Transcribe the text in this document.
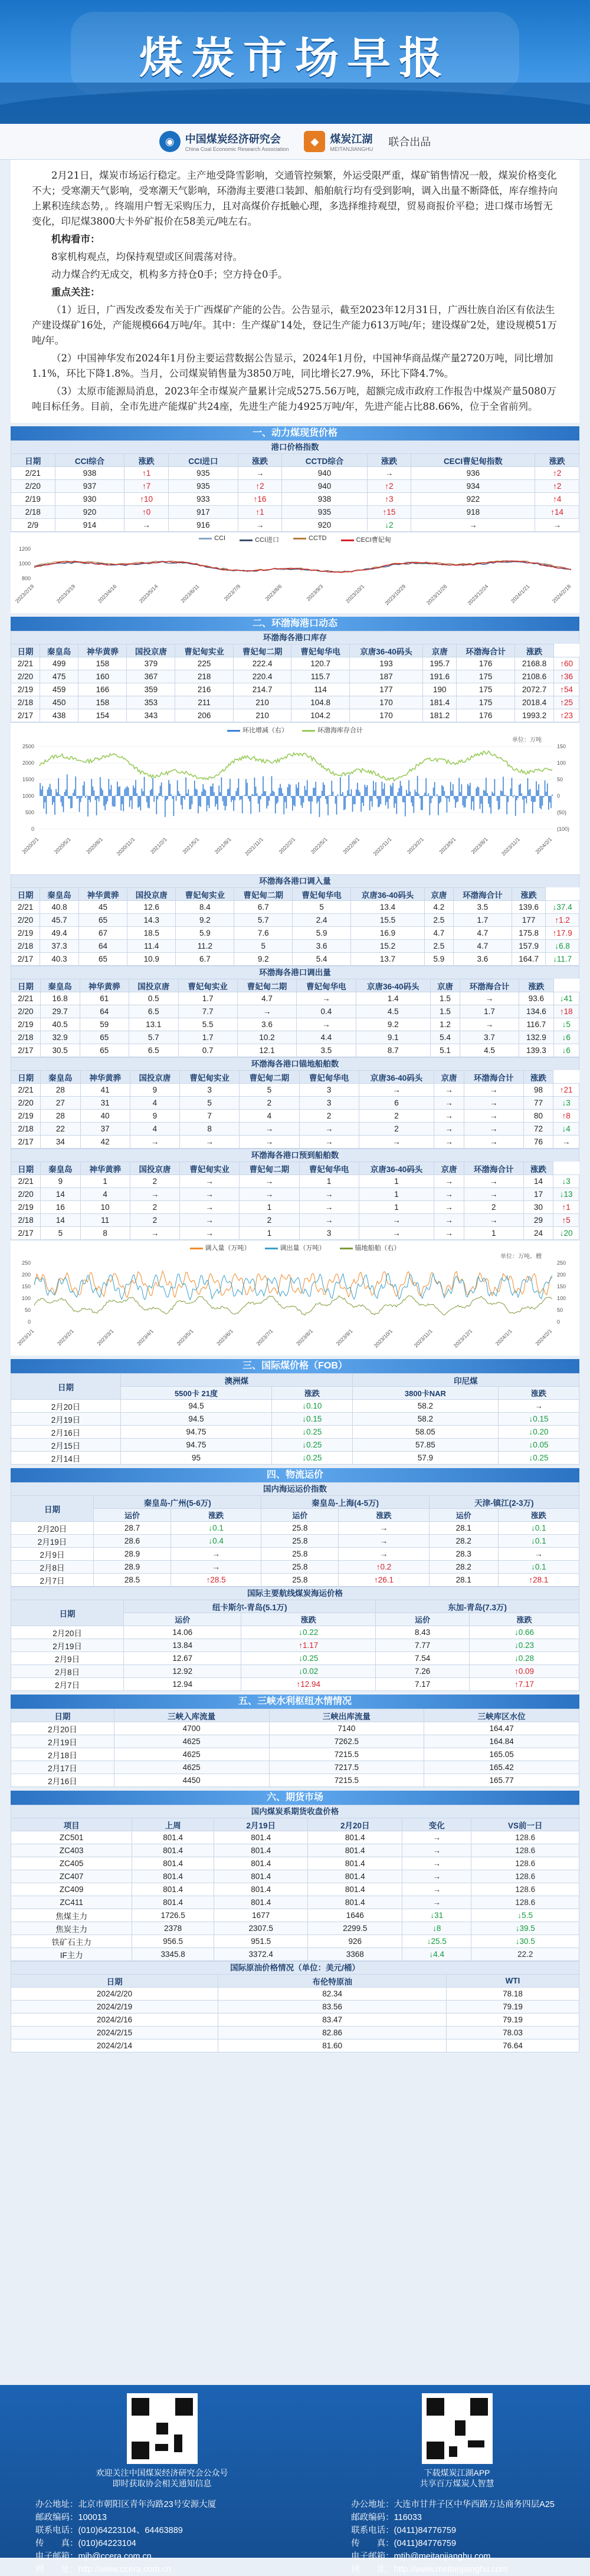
煤炭市场早报
◉	中国煤炭经济研究会
China Coal Economic Research Association
◆	煤炭江湖
MEITANJIANGHU
联合出品

2月21日，煤炭市场运行稳定。主产地受降雪影响，交通管控频繁，外运受限严重，煤矿销售情况一般，煤炭价格变化不大；受寒潮天气影响，受寒潮天气影响，环渤海主要港口装卸、船舶航行均有受到影响，调入出量不断降低，库存维持向上累积连续态势，。终端用户暂无采购压力，且对高煤价存抵触心理，多选择维持观望，贸易商报价平稳；进口煤市场暂无变化，印尼煤3800大卡外矿报价在58美元/吨左右。

机构看市：

8家机构观点，均保持观望或区间震荡对待。

动力煤合约无成交，机构多方持仓0手；空方持仓0手。

重点关注：

（1）近日，广西发改委发布关于广西煤矿产能的公告。公告显示，截至2023年12月31日，广西壮族自治区有依法生产建设煤矿16处，产能规模664万吨/年。其中：生产煤矿14处，登记生产能力613万吨/年；建设煤矿2处，建设规模51万吨/年。

（2）中国神华发布2024年1月份主要运营数据公告显示，2024年1月份，中国神华商品煤产量2720万吨，同比增加1.1%，环比下降1.8%。当月，公司煤炭销售量为3850万吨，同比增长27.9%，环比下降4.7%。

（3）太原市能源局消息，2023年全市煤炭产量累计完成5275.56万吨，超额完成市政府工作报告中煤炭产量5080万吨目标任务。目前，全市先进产能煤矿共24座，先进生产能力4925万吨/年，先进产能占比88.66%，位于全省前列。

一、动力煤现货价格
港口价格指数
日期	CCI综合	涨跌	CCI进口	涨跌	CCTD综合	涨跌	CECI曹妃甸指数	涨跌
2/21	938	↑1	935	→	940	→	936	↑2
2/20	937	↑7	935	↑2	940	↑2	934	↑2
2/19	930	↑10	933	↑16	938	↑3	922	↑4
2/18	920	↑0	917	↑1	935	↑15	918	↑14
2/9	914	→	916	→	920	↓2	→	→
CCI	CCI进口	CCTD	CECI曹妃甸
1200
1000
800
2023/2/19	2023/3/19	2023/4/16	2023/5/14	2023/6/11	2023/7/9	2023/8/6	2023/9/3	2023/10/1	2023/10/29	2023/11/26	2023/12/24	2024/1/21	2024/2/18
二、环渤海港口动态
环渤海各港口库存
日期	秦皇岛	神华黄骅	国投京唐	曹妃甸实业	曹妃甸二期	曹妃甸华电	京唐36-40码头	京唐	环渤海合计	涨跌	
2/21	499	158	379	225	222.4	120.7	193	195.7	176	2168.8	↑60
2/20	475	160	367	218	220.4	115.7	187	191.6	175	2108.6	↑36
2/19	459	166	359	216	214.7	114	177	190	175	2072.7	↑54
2/18	450	158	353	211	210	104.8	170	181.4	175	2018.4	↑25
2/17	438	154	343	206	210	104.2	170	181.2	176	1993.2	↑23
环比增减（右）	环渤海库存合计
单位：万吨
2500
2000
1500
1000
500
0
150
100
50
0
(50)
(100)
2020/2/1	2020/5/1	2020/8/1 2020/11/1	2021/2/1	2021/5/1	2021/8/1 2021/11/1	2022/2/1	2022/5/1	2022/8/1 2022/11/1	2023/2/1	2023/5/1	2023/8/1 2023/11/1	2024/2/1
环渤海各港口调入量
日期	秦皇岛	神华黄骅	国投京唐	曹妃甸实业	曹妃甸二期	曹妃甸华电	京唐36-40码头	京唐	环渤海合计	涨跌	
2/21	40.8	45	12.6	8.4	6.7	5	13.4	4.2	3.5	139.6	↓37.4
2/20	45.7	65	14.3	9.2	5.7	2.4	15.5	2.5	1.7	177	↑1.2
2/19	49.4	67	18.5	5.9	7.6	5.9	16.9	4.7	4.7	175.8	↑17.9
2/18	37.3	64	11.4	11.2	5	3.6	15.2	2.5	4.7	157.9	↓6.8
2/17	40.3	65	10.9	6.7	9.2	5.4	13.7	5.9	3.6	164.7	↓11.7
环渤海各港口调出量
日期	秦皇岛	神华黄骅	国投京唐	曹妃甸实业	曹妃甸二期	曹妃甸华电	京唐36-40码头	京唐	环渤海合计	涨跌	
2/21	16.8	61	0.5	1.7	4.7	→	1.4	1.5	→	93.6	↓41
2/20	29.7	64	6.5	7.7	→	0.4	4.5	1.5	1.7	134.6	↑18
2/19	40.5	59	13.1	5.5	3.6	→	9.2	1.2	→	116.7	↓5
2/18	32.9	65	5.7	1.7	10.2	4.4	9.1	5.4	3.7	132.9	↓6
2/17	30.5	65	6.5	0.7	12.1	3.5	8.7	5.1	4.5	139.3	↓6
环渤海各港口锚地船舶数
日期	秦皇岛	神华黄骅	国投京唐	曹妃甸实业	曹妃甸二期	曹妃甸华电	京唐36-40码头	京唐	环渤海合计	涨跌	
2/21	28	41	9	3	5	3	→	→	→	98	↑21
2/20	27	31	4	5	2	3	6	→	→	77	↓3
2/19	28	40	9	7	4	2	2	→	→	80	↑8
2/18	22	37	4	8	→	→	2	→	→	72	↓4
2/17	34	42	→	→	→	→	→	→	→	76	→
环渤海各港口预到船舶数
日期	秦皇岛	神华黄骅	国投京唐	曹妃甸实业	曹妃甸二期	曹妃甸华电	京唐36-40码头	京唐	环渤海合计	涨跌	
2/21	9	1	2	→	→	1	1	→	→	14	↓3
2/20	14	4	→	→	→	→	1	→	→	17	↓13
2/19	16	10	2	→	1	→	1	→	2	30	↑1
2/18	14	11	2	→	2	→	→	→	→	29	↑5
2/17	5	8	→	→	1	3	→	→	1	24	↓20
调入量（万吨）	调出量（万吨）	锚地船舶（右）
单位：万吨、艘
250
200
150
100
50
0
250
200
150
100
50
0
2023/1/1	2023/2/1	2023/3/1	2023/4/1	2023/5/1	2023/6/1	2023/7/1	2023/8/1	2023/9/1	2023/10/1	2023/11/1	2023/12/1	2024/1/1	2024/2/1
三、国际煤价格（FOB）
日期	澳洲煤		印尼煤	
	5500卡 21度	涨跌	3800卡NAR	涨跌
2月20日	94.5	↓0.10	58.2	→
2月19日	94.5	↓0.15	58.2	↓0.15
2月16日	94.75	↓0.25	58.05	↓0.20
2月15日	94.75	↓0.25	57.85	↓0.05
2月14日	95	↓0.25	57.9	↓0.25
四、物流运价
国内海运运价指数
日期	秦皇岛-广州(5-6万)		秦皇岛-上海(4-5万)		天津-镇江(2-3万)	
	运价	涨跌	运价	涨跌	运价	涨跌
2月20日	28.7	↓0.1	25.8	→	28.1	↓0.1
2月19日	28.6	↓0.4	25.8	→	28.2	↓0.1
2月9日	28.9	→	25.8	→	28.3	→
2月8日	28.9	→	25.8	↑0.2	28.2	↓0.1
2月7日	28.5	↑28.5	25.8	↑26.1	28.1	↑28.1
国际主要航线煤炭海运价格
日期	纽卡斯尔-青岛(5.1万)		东加-青岛(7.3万)	
	运价	涨跌	运价	涨跌
2月20日	14.06	↓0.22	8.43	↓0.66
2月19日	13.84	↑1.17	7.77	↓0.23
2月9日	12.67	↓0.25	7.54	↓0.28
2月8日	12.92	↓0.02	7.26	↑0.09
2月7日	12.94	↑12.94	7.17	↑7.17
五、三峡水利枢纽水情情况
日期	三峡入库流量	三峡出库流量	三峡库区水位
2月20日	4700	7140	164.47
2月19日	4625	7262.5	164.84
2月18日	4625	7215.5	165.05
2月17日	4625	7217.5	165.42
2月16日	4450	7215.5	165.77
六、期货市场
国内煤炭系期货收盘价格
项目	上周	2月19日	2月20日	变化	VS前一日
ZC501	801.4	801.4	801.4	→	128.6
ZC403	801.4	801.4	801.4	→	128.6
ZC405	801.4	801.4	801.4	→	128.6
ZC407	801.4	801.4	801.4	→	128.6
ZC409	801.4	801.4	801.4	→	128.6
ZC411	801.4	801.4	801.4	→	128.6
焦煤主力	1726.5	1677	1646	↓31	↓5.5
焦炭主力	2378	2307.5	2299.5	↓8	↓39.5
铁矿石主力	956.5	951.5	926	↓25.5	↓30.5
IF主力	3345.8	3372.4	3368	↓4.4	22.2
国际原油价格情况（单位：美元/桶）
日期	布伦特原油	WTI
2024/2/20	82.34	78.18
2024/2/19	83.56	79.19
2024/2/16	83.47	79.19
2024/2/15	82.86	78.03
2024/2/14	81.60	76.64
欢迎关注中国煤炭经济研究会公众号
即时获取协会相关通知信息
下载煤炭江湖APP
共享百万煤炭人智慧
办公地址：北京市朝阳区青年沟路23号安源大厦
邮政编码：100013
联系电话：(010)64223104、64463889
传　　真：(010)64223104
电子邮箱：mjh@ccera.com.cn
网　　址：http://www.ccera.com.cn
办公地址：大连市甘井子区中华西路万达商务四层A25
邮政编码：116033
联系电话：(0411)84776759
传　　真：(0411)84776759
电子邮箱：mtjh@meitanjianghu.com
网　　址：http://www.meitanjianghu.com
